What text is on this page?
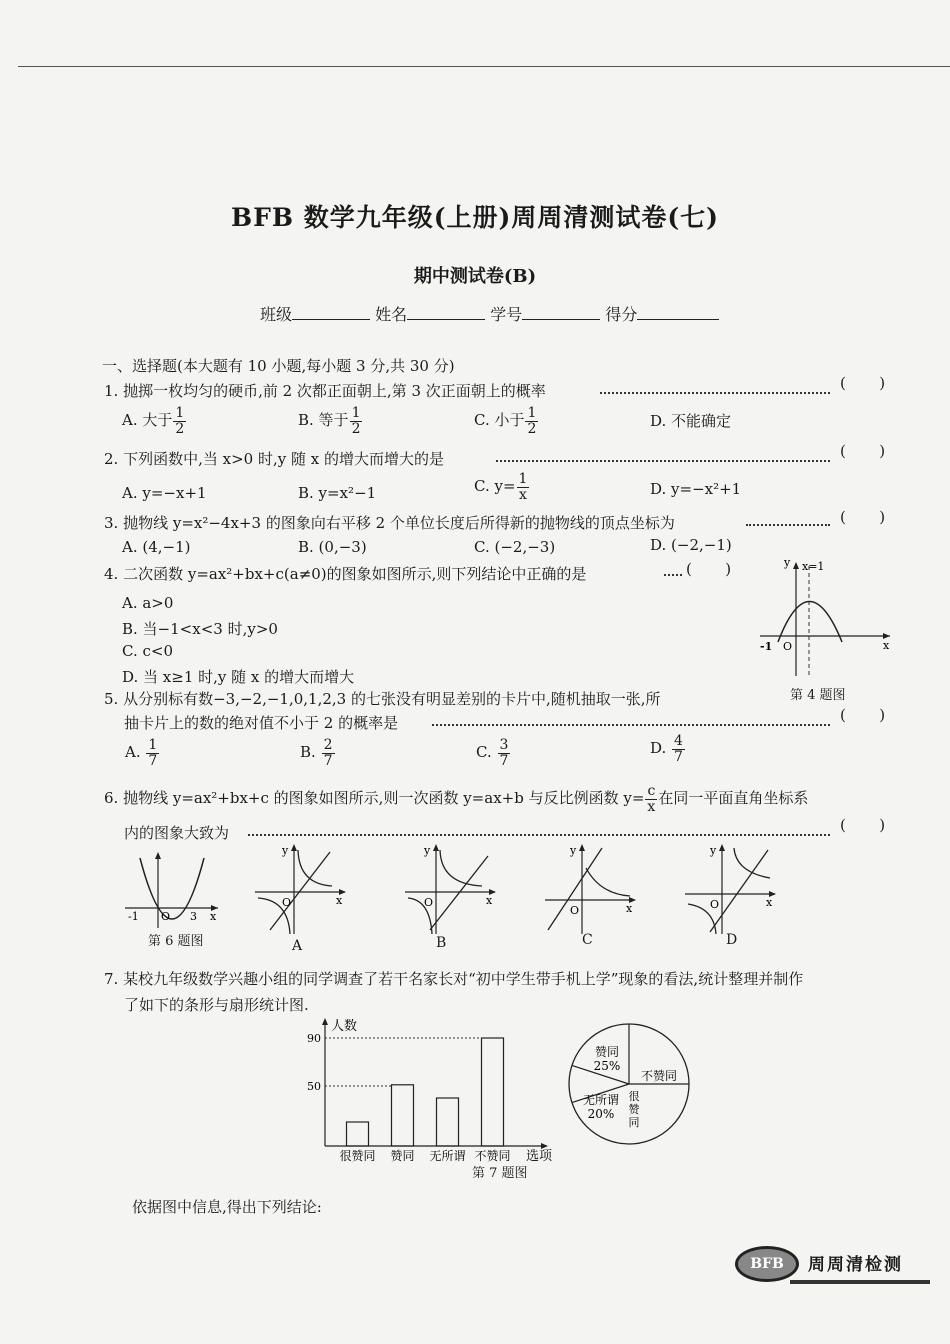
BFB 数学九年级(上册)周周清测试卷(七)
期中测试卷(B)
班级	姓名	学号	得分
一、选择题(本大题有 10 小题,每小题 3 分,共 30 分)
1. 抛掷一枚均匀的硬币,前 2 次都正面朝上,第 3 次正面朝上的概率	(       )
A. 大于 $\frac{1}{2}$	B. 等于 $\frac{1}{2}$	C. 小于 $\frac{1}{2}$	D. 不能确定
2. 下列函数中,当 x>0 时,y 随 x 的增大而增大的是	(       )
A. y=−x+1	B. y=x²−1	C. $y= \frac{1}{x}$	D. y=−x²+1
3. 抛物线 y=x²−4x+3 的图象向右平移 2 个单位长度后所得新的抛物线的顶点坐标为	(       )
A. (4,−1)	B. (0,−3)	C. (−2,−3)	D. (−2,−1)
4. 二次函数 y=ax²+bx+c(a≠0)的图象如图所示,则下列结论中正确的是	(       )
A. a>0
B. 当−1<x<3 时,y>0
C. c<0
D. 当 x≥1 时,y 随 x 的增大而增大
y x=1
-1 O	x
第 4 题图
5. 从分别标有数−3,−2,−1,0,1,2,3 的七张没有明显差别的卡片中,随机抽取一张,所
抽卡片上的数的绝对值不小于 2 的概率是	(       )
A. $\frac{1}{7}$	B. $\frac{2}{7}$	C. $\frac{3}{7}$	D. $\frac{4}{7}$
6. 抛物线 y=ax²+bx+c 的图象如图所示,则一次函数 y=ax+b 与反比例函数 $y= \frac{c}{x}$ 在同一平面直角坐标系
内的图象大致为	(       )
-1 O 3 x
第 6 题图
y
O	x
A
y
O	x
B
y
O	x
C
y
O	x
D
7. 某校九年级数学兴趣小组的同学调查了若干名家长对“初中学生带手机上学”现象的看法,统计整理并制作
了如下的条形与扇形统计图.
人数
50
90
很赞同 赞同 无所谓 不赞同 选项
第 7 题图
赞同
25%
不赞同
很
赞
同
无所谓
20%
依据图中信息,得出下列结论:
BFB	周周清检测
